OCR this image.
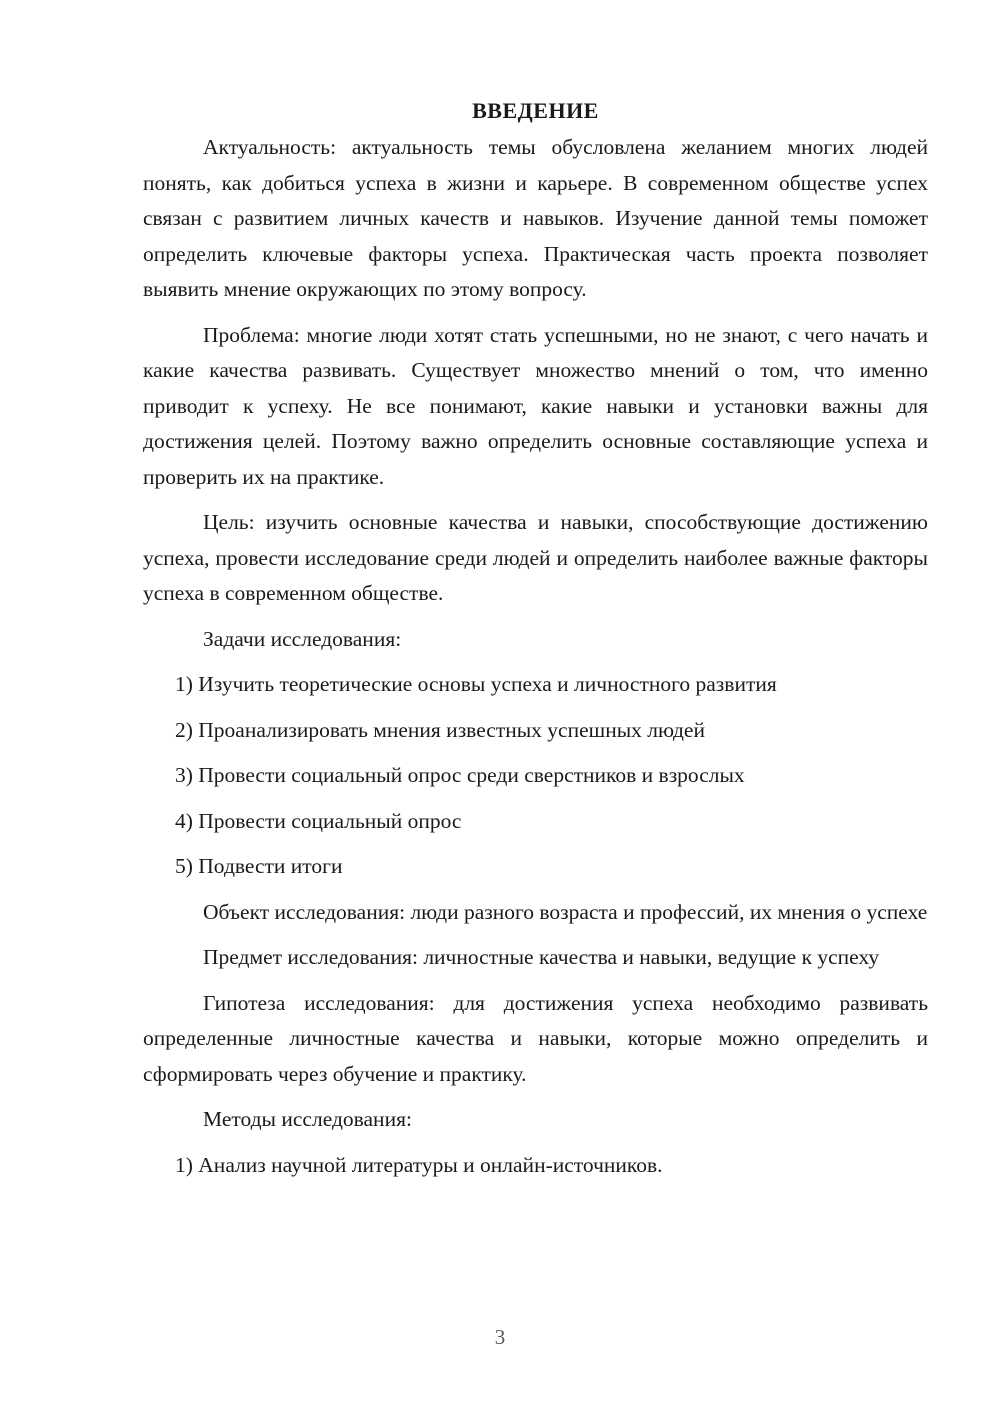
ВВЕДЕНИЕ

Актуальность: актуальность темы обусловлена желанием многих людей понять, как добиться успеха в жизни и карьере. В современном обществе успех связан с развитием личных качеств и навыков. Изучение данной темы поможет определить ключевые факторы успеха. Практическая часть проекта позволяет выявить мнение окружающих по этому вопросу.

Проблема: многие люди хотят стать успешными, но не знают, с чего начать и какие качества развивать. Существует множество мнений о том, что именно приводит к успеху. Не все понимают, какие навыки и установки важны для достижения целей. Поэтому важно определить основные составляющие успеха и проверить их на практике.

Цель: изучить основные качества и навыки, способствующие достижению успеха, провести исследование среди людей и определить наиболее важные факторы успеха в современном обществе.

Задачи исследования:

1) Изучить теоретические основы успеха и личностного развития
2) Проанализировать мнения известных успешных людей
3) Провести социальный опрос среди сверстников и взрослых
4) Провести социальный опрос
5) Подвести итоги

Объект исследования: люди разного возраста и профессий, их мнения о успехе

Предмет исследования: личностные качества и навыки, ведущие к успеху

Гипотеза исследования: для достижения успеха необходимо развивать определенные личностные качества и навыки, которые можно определить и сформировать через обучение и практику.

Методы исследования:

1) Анализ научной литературы и онлайн-источников.
3
